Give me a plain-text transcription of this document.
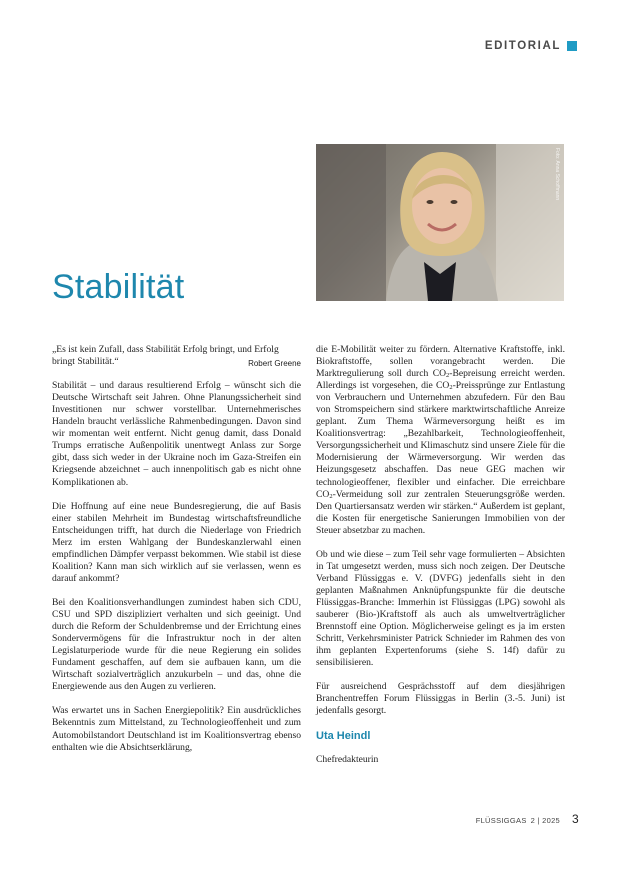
EDITORIAL
Foto: Anna Schoffmann
Stabilität
„Es ist kein Zufall, dass Stabilität Erfolg bringt, und Erfolg bringt Stabilität.“	Robert Greene

Stabilität – und daraus resultierend Erfolg – wünscht sich die Deutsche Wirtschaft seit Jahren. Ohne Planungssicherheit sind Investitionen nur schwer vorstellbar. Unternehmerisches Handeln braucht verlässliche Rahmenbedingungen. Davon sind wir momentan weit entfernt. Nicht genug damit, dass Donald Trumps erratische Außenpolitik unentwegt Anlass zur Sorge gibt, dass sich weder in der Ukraine noch im Gaza-Streifen ein Kriegsende abzeichnet – auch innenpolitisch gab es nicht ohne Komplikationen ab.

Die Hoffnung auf eine neue Bundesregierung, die auf Basis einer stabilen Mehrheit im Bundestag wirtschaftsfreundliche Entscheidungen trifft, hat durch die Niederlage von Friedrich Merz im ersten Wahlgang der Bundeskanzlerwahl einen empfindlichen Dämpfer verpasst bekommen. Wie stabil ist diese Koalition? Kann man sich wirklich auf sie verlassen, wenn es darauf ankommt?

Bei den Koalitionsverhandlungen zumindest haben sich CDU, CSU und SPD diszipliziert verhalten und sich geeinigt. Und durch die Reform der Schuldenbremse und der Errichtung eines Sondervermögens für die Infrastruktur noch in der alten Legislaturperiode wurde für die neue Regierung ein solides Fundament geschaffen, auf dem sie aufbauen kann, um die Wirtschaft sozialverträglich anzukurbeln – und das, ohne die Energiewende aus den Augen zu verlieren.

Was erwartet uns in Sachen Energiepolitik? Ein ausdrückliches Bekenntnis zum Mittelstand, zu Technologieoffenheit und zum Automobilstandort Deutschland ist im Koalitionsvertrag ebenso enthalten wie die Absichtserklärung,

die E-Mobilität weiter zu fördern. Alternative Kraftstoffe, inkl. Biokraftstoffe, sollen vorangebracht werden. Die Marktregulierung soll durch $CO_2$-Bepreisung erreicht werden. Allerdings ist vorgesehen, die $CO_2$-Preissprünge zur Entlastung von Verbrauchern und Unternehmen abzufedern. Für den Bau von Stromspeichern sind stärkere marktwirtschaftliche Anreize geplant. Zum Thema Wärmeversorgung heißt es im Koalitionsvertrag: „Bezahlbarkeit, Technologieoffenheit, Versorgungssicherheit und Klimaschutz sind unsere Ziele für die Modernisierung der Wärmeversorgung. Wir werden das Heizungsgesetz abschaffen. Das neue GEG machen wir technologieoffener, flexibler und einfacher. Die erreichbare $CO_2$-Vermeidung soll zur zentralen Steuerungsgröße werden. Den Quartiersansatz werden wir stärken.“ Außerdem ist geplant, die Kosten für energetische Sanierungen Immobilien von der Steuer absetzbar zu machen.

Ob und wie diese – zum Teil sehr vage formulierten – Absichten in Tat umgesetzt werden, muss sich noch zeigen. Der Deutsche Verband Flüssiggas e. V. (DVFG) jedenfalls sieht in den geplanten Maßnahmen Anknüpfungspunkte für die deutsche Flüssiggas-Branche: Immerhin ist Flüssiggas (LPG) sowohl als sauberer (Bio-)Kraftstoff als auch als umweltverträglicher Brennstoff eine Option. Möglicherweise gelingt es ja im ersten Schritt, Verkehrsminister Patrick Schnieder im Rahmen des von ihm geplanten Expertenforums (siehe S. 14f) dafür zu sensibilisieren.

Für ausreichend Gesprächsstoff auf dem diesjährigen Branchentreffen Forum Flüssiggas in Berlin (3.-5. Juni) ist jedenfalls gesorgt.

Uta Heindl

Chefredakteurin

FLÜSSIGGAS 2 | 2025 3
